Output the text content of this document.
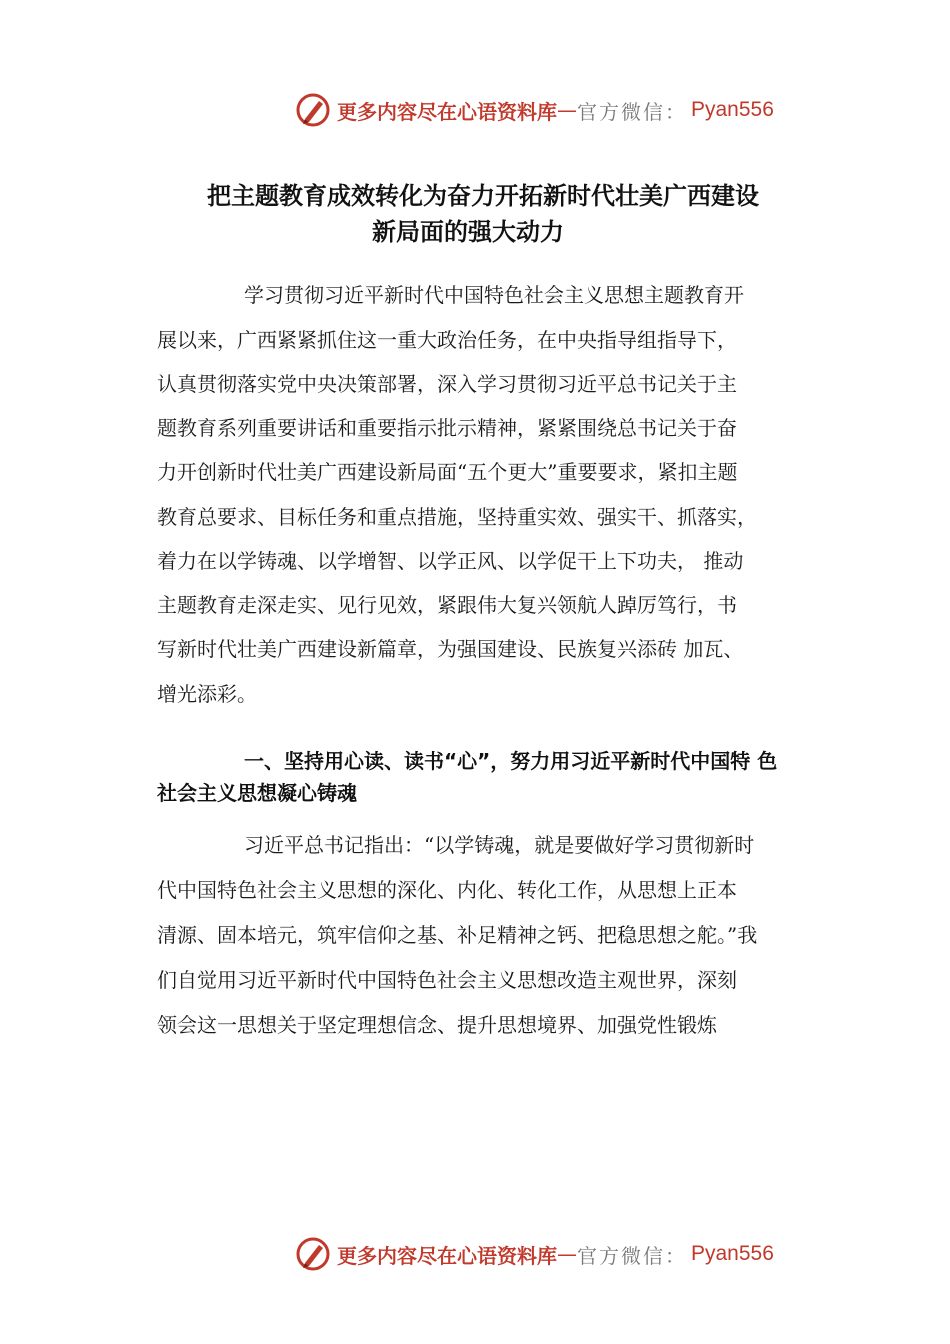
更多内容尽在心语资料库 — 官方微信： Pyan556
把主题教育成效转化为奋力开拓新时代壮美广西建设
新局面的强大动力
学习贯彻习近平新时代中国特色社会主义思想主题教育开
展以来，广西紧紧抓住这一重大政治任务，在中央指导组指导下，
认真贯彻落实党中央决策部署，深入学习贯彻习近平总书记关于主
题教育系列重要讲话和重要指示批示精神，紧紧围绕总书记关于奋
力开创新时代壮美广西建设新局面“五个更大”重要要求，紧扣主题
教育总要求、目标任务和重点措施，坚持重实效、强实干、抓落实，
着力在以学铸魂、以学增智、以学正风、以学促干上下功夫， 推动
主题教育走深走实、见行见效，紧跟伟大复兴领航人踔厉笃行，书
写新时代壮美广西建设新篇章，为强国建设、民族复兴添砖 加瓦、
增光添彩。
一、坚持用心读、读书“心”，努力用习近平新时代中国特 色
社会主义思想凝心铸魂
习近平总书记指出：“以学铸魂，就是要做好学习贯彻新时
代中国特色社会主义思想的深化、内化、转化工作，从思想上正本
清源、固本培元，筑牢信仰之基、补足精神之钙、把稳思想之舵。”我
们自觉用习近平新时代中国特色社会主义思想改造主观世界，深刻
领会这一思想关于坚定理想信念、提升思想境界、加强党性锻炼
更多内容尽在心语资料库 — 官方微信： Pyan556
